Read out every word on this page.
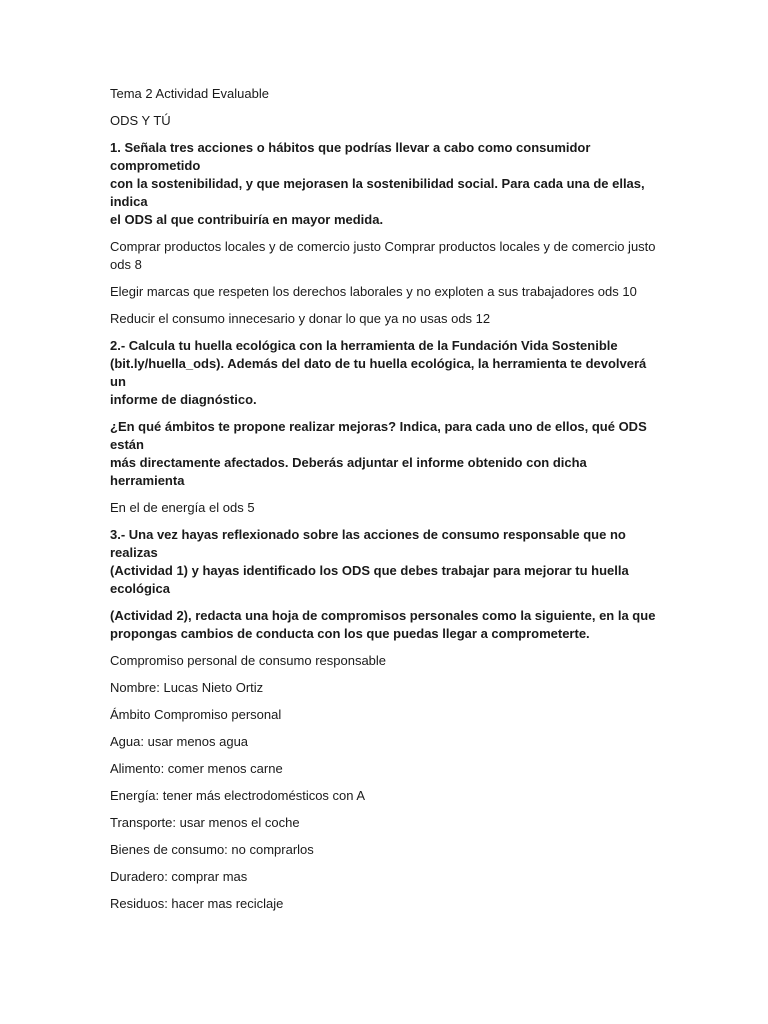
Tema 2 Actividad Evaluable
ODS Y TÚ
1. Señala tres acciones o hábitos que podrías llevar a cabo como consumidor comprometido
con la sostenibilidad, y que mejorasen la sostenibilidad social. Para cada una de ellas, indica
el ODS al que contribuiría en mayor medida.
Comprar productos locales y de comercio justo Comprar productos locales y de comercio justo
ods 8
Elegir marcas que respeten los derechos laborales y no exploten a sus trabajadores ods 10
Reducir el consumo innecesario y donar lo que ya no usas ods 12
2.- Calcula tu huella ecológica con la herramienta de la Fundación Vida Sostenible
(bit.ly/huella_ods). Además del dato de tu huella ecológica, la herramienta te devolverá un
informe de diagnóstico.
¿En qué ámbitos te propone realizar mejoras? Indica, para cada uno de ellos, qué ODS están
más directamente afectados. Deberás adjuntar el informe obtenido con dicha herramienta
En el de energía el ods 5
3.- Una vez hayas reflexionado sobre las acciones de consumo responsable que no realizas
(Actividad 1) y hayas identificado los ODS que debes trabajar para mejorar tu huella
ecológica
(Actividad 2), redacta una hoja de compromisos personales como la siguiente, en la que
propongas cambios de conducta con los que puedas llegar a comprometerte.
Compromiso personal de consumo responsable
Nombre: Lucas Nieto Ortiz
Ámbito Compromiso personal
Agua: usar menos agua
Alimento: comer menos carne
Energía: tener más electrodomésticos con A
Transporte: usar menos el coche
Bienes de consumo: no comprarlos
Duradero: comprar mas
Residuos: hacer mas reciclaje
